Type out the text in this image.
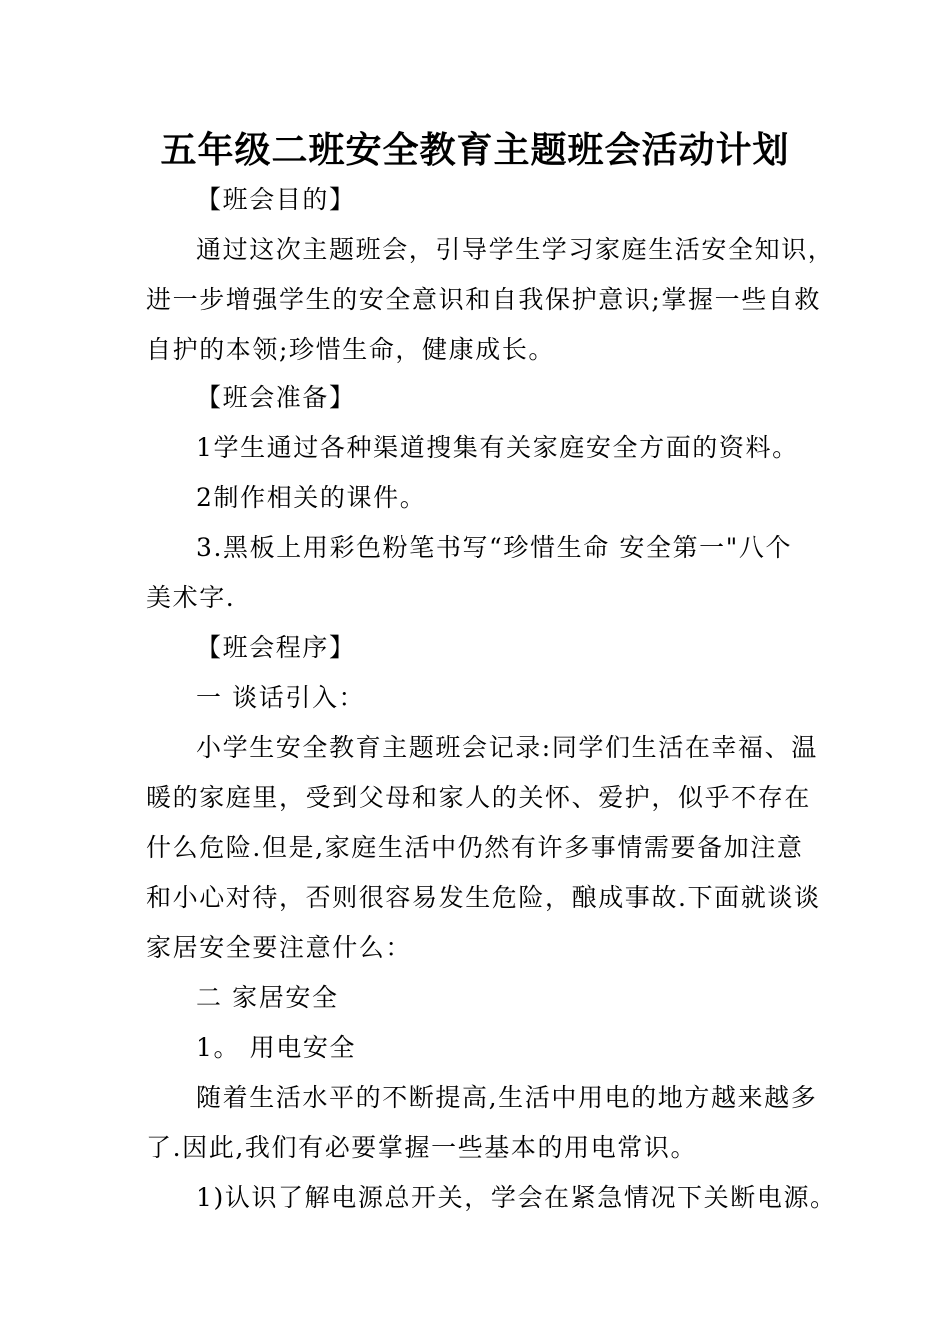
五年级二班安全教育主题班会活动计划
【班会目的】
通过这次主题班会，引导学生学习家庭生活安全知识，
进一步增强学生的安全意识和自我保护意识;掌握一些自救
自护的本领;珍惜生命，健康成长。
【班会准备】
1学生通过各种渠道搜集有关家庭安全方面的资料。
2制作相关的课件。
3.黑板上用彩色粉笔书写“珍惜生命 安全第一"八个
美术字.
【班会程序】
一 谈话引入：
小学生安全教育主题班会记录:同学们生活在幸福、温
暖的家庭里，受到父母和家人的关怀、爱护，似乎不存在
什么危险.但是,家庭生活中仍然有许多事情需要备加注意
和小心对待，否则很容易发生危险，酿成事故.下面就谈谈
家居安全要注意什么：
二 家居安全
1。 用电安全
随着生活水平的不断提高,生活中用电的地方越来越多
了.因此,我们有必要掌握一些基本的用电常识。
1)认识了解电源总开关，学会在紧急情况下关断电源。
